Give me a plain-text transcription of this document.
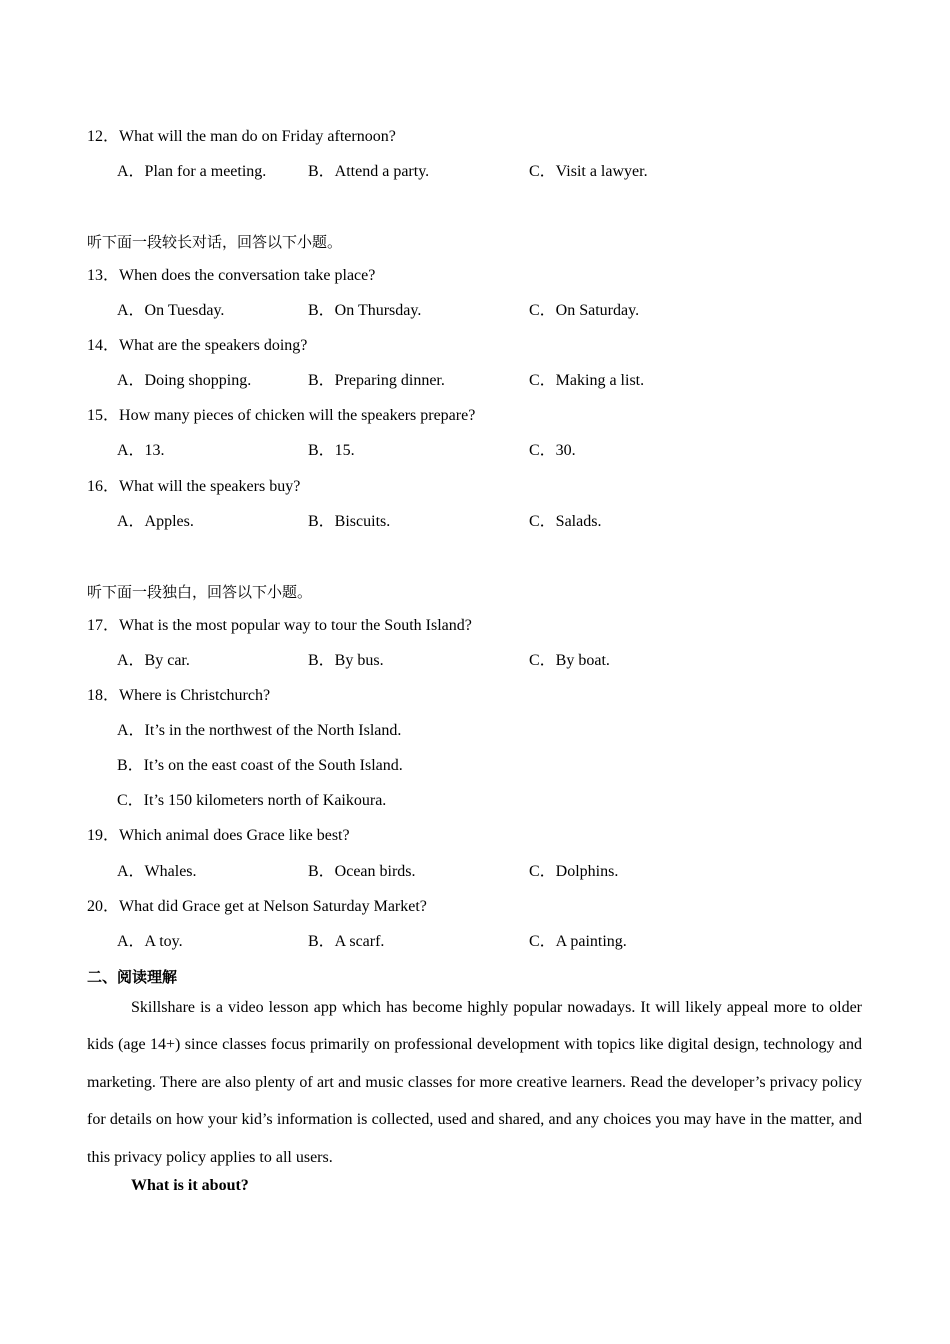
12．What will the man do on Friday afternoon?
A．Plan for a meeting.	B．Attend a party.	C．Visit a lawyer.
听下面一段较长对话，回答以下小题。
13．When does the conversation take place?
A．On Tuesday.	B．On Thursday.	C．On Saturday.
14．What are the speakers doing?
A．Doing shopping.	B．Preparing dinner.	C．Making a list.
15．How many pieces of chicken will the speakers prepare?
A．13.	B．15.	C．30.
16．What will the speakers buy?
A．Apples.	B．Biscuits.	C．Salads.
听下面一段独白，回答以下小题。
17．What is the most popular way to tour the South Island?
A．By car.	B．By bus.	C．By boat.
18．Where is Christchurch?
A．It’s in the northwest of the North Island.
B．It’s on the east coast of the South Island.
C．It’s 150 kilometers north of Kaikoura.
19．Which animal does Grace like best?
A．Whales.	B．Ocean birds.	C．Dolphins.
20．What did Grace get at Nelson Saturday Market?
A．A toy.	B．A scarf.	C．A painting.
二、阅读理解
Skillshare is a video lesson app which has become highly popular nowadays. It will likely appeal more to older kids (age 14+) since classes focus primarily on professional development with topics like digital design, technology and marketing. There are also plenty of art and music classes for more creative learners. Read the developer’s privacy policy for details on how your kid’s information is collected, used and shared, and any choices you may have in the matter, and this privacy policy applies to all users.
What is it about?
